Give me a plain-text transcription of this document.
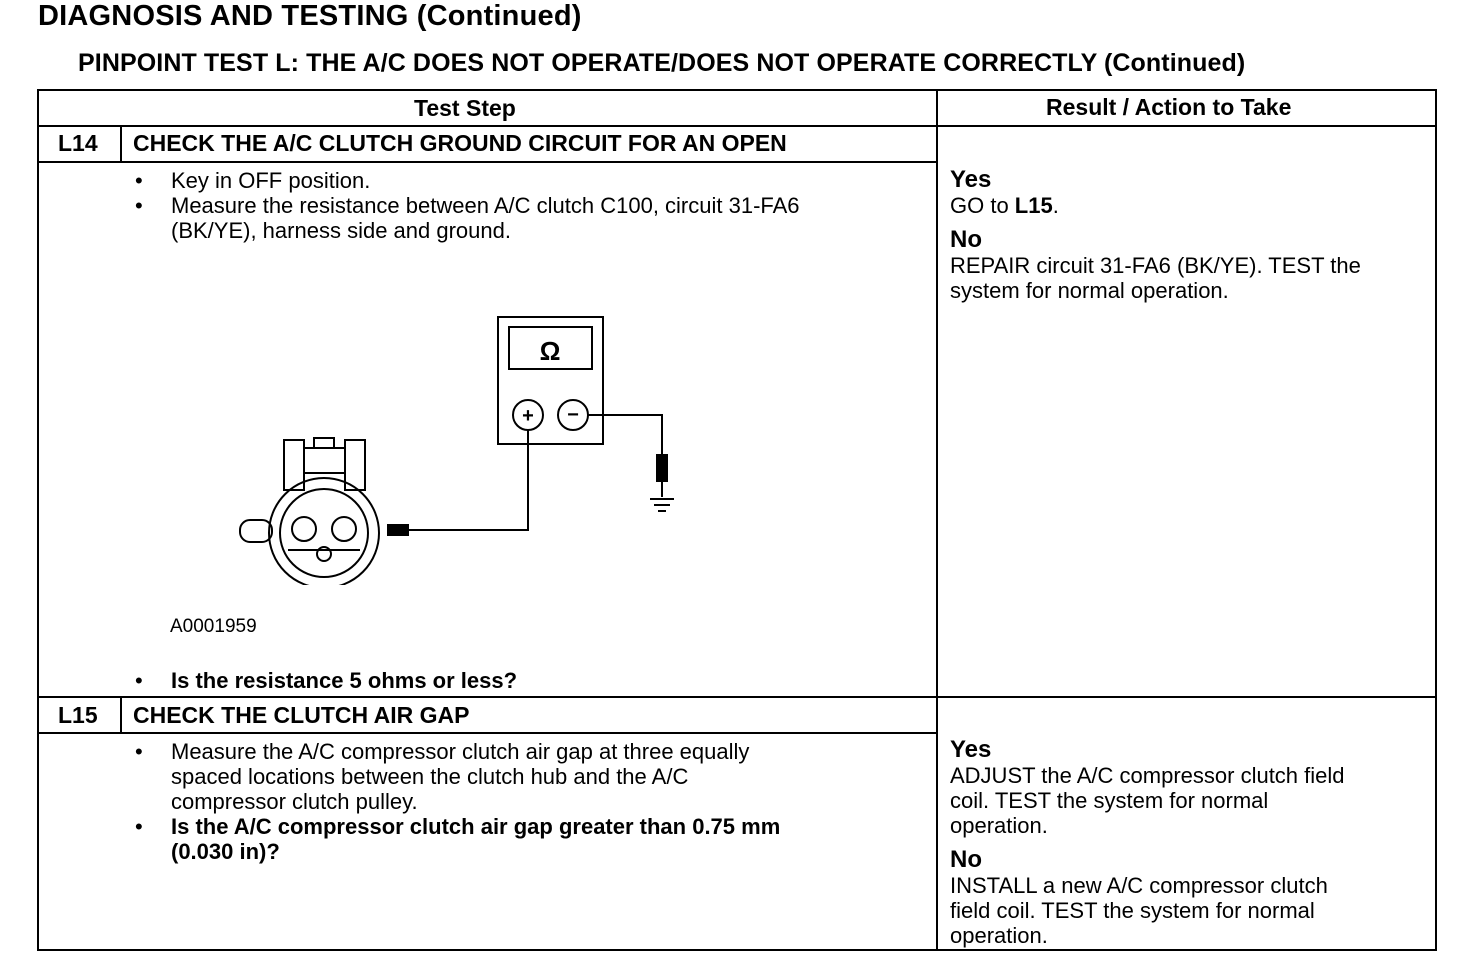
DIAGNOSIS AND TESTING (Continued)
PINPOINT TEST L: THE A/C DOES NOT OPERATE/DOES NOT OPERATE CORRECTLY (Continued)
Test Step	Result / Action to Take
L14 CHECK THE A/C CLUTCH GROUND CIRCUIT FOR AN OPEN
• Key in OFF position.
• Measure the resistance between A/C clutch C100, circuit 31-FA6
(BK/YE), harness side and ground.
Ω
+ −
A0001959
• Is the resistance 5 ohms or less?
Yes
GO to L15.
No
REPAIR circuit 31-FA6 (BK/YE). TEST the
system for normal operation.
L15 CHECK THE CLUTCH AIR GAP
• Measure the A/C compressor clutch air gap at three equally
spaced locations between the clutch hub and the A/C
compressor clutch pulley.
• Is the A/C compressor clutch air gap greater than 0.75 mm
(0.030 in)?
Yes
ADJUST the A/C compressor clutch field
coil. TEST the system for normal
operation.
No
INSTALL a new A/C compressor clutch
field coil. TEST the system for normal
operation.
